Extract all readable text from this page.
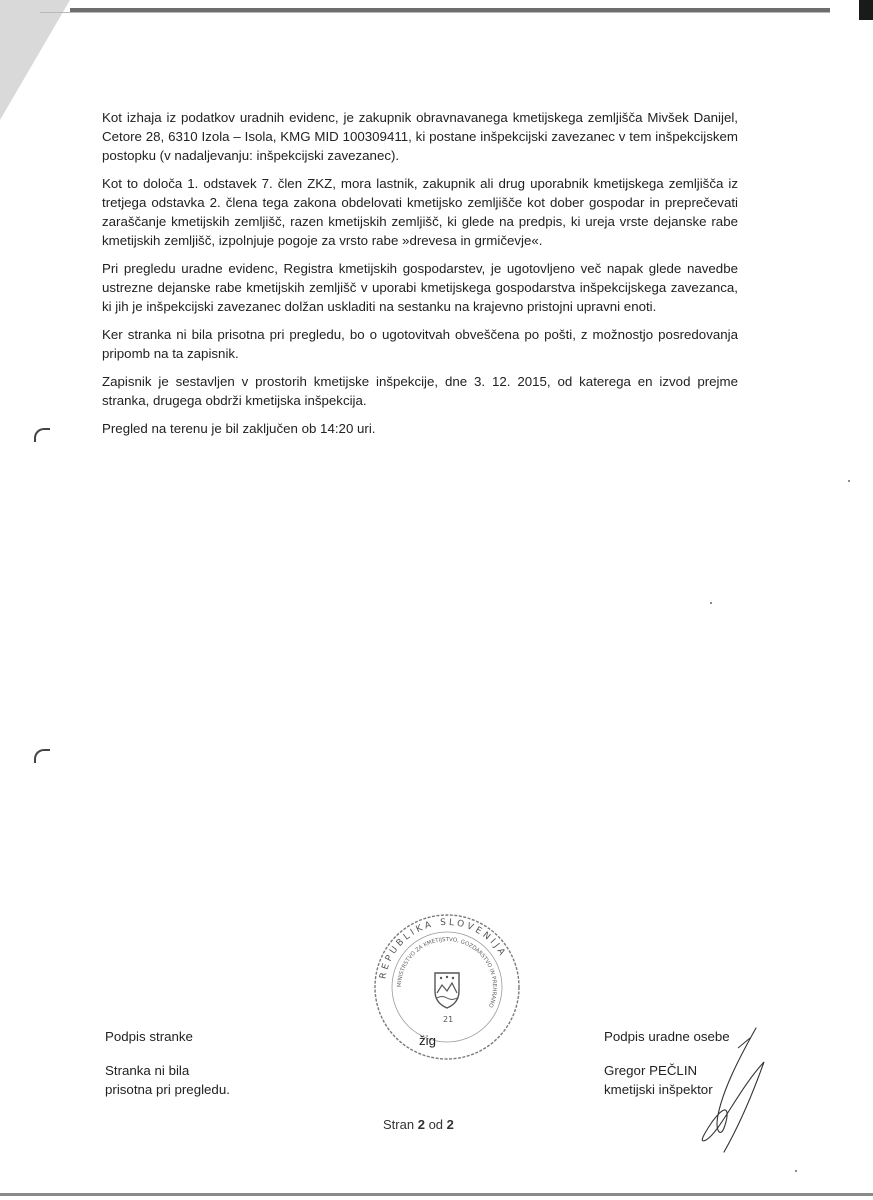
Kot izhaja iz podatkov uradnih evidenc, je zakupnik obravnavanega kmetijskega zemljišča Mivšek Danijel, Cetore 28, 6310 Izola – Isola, KMG MID 100309411, ki postane inšpekcijski zavezanec v tem inšpekcijskem postopku (v nadaljevanju: inšpekcijski zavezanec).

Kot to določa 1. odstavek 7. člen ZKZ, mora lastnik, zakupnik ali drug uporabnik kmetijskega zemljišča iz tretjega odstavka 2. člena tega zakona obdelovati kmetijsko zemljišče kot dober gospodar in preprečevati zaraščanje kmetijskih zemljišč, razen kmetijskih zemljišč, ki glede na predpis, ki ureja vrste dejanske rabe kmetijskih zemljišč, izpolnjuje pogoje za vrsto rabe »drevesa in grmičevje«.

Pri pregledu uradne evidenc, Registra kmetijskih gospodarstev, je ugotovljeno več napak glede navedbe ustrezne dejanske rabe kmetijskih zemljišč v uporabi kmetijskega gospodarstva inšpekcijskega zavezanca, ki jih je inšpekcijski zavezanec dolžan uskladiti na sestanku na krajevno pristojni upravni enoti.

Ker stranka ni bila prisotna pri pregledu, bo o ugotovitvah obveščena po pošti, z možnostjo posredovanja pripomb na ta zapisnik.

Zapisnik je sestavljen v prostorih kmetijske inšpekcije, dne 3. 12. 2015, od katerega en izvod prejme stranka, drugega obdrži kmetijska inšpekcija.

Pregled na terenu je bil zaključen ob 14:20 uri.

REPUBLIKA SLOVENIJA
MINISTRSTVO ZA KMETIJSTVO, GOZDARSTVO IN PREHRANO
21
žig
Podpis stranke
Stranka ni bila
prisotna pri pregledu.
Podpis uradne osebe
Gregor PEČLIN
kmetijski inšpektor
Stran 2 od 2
